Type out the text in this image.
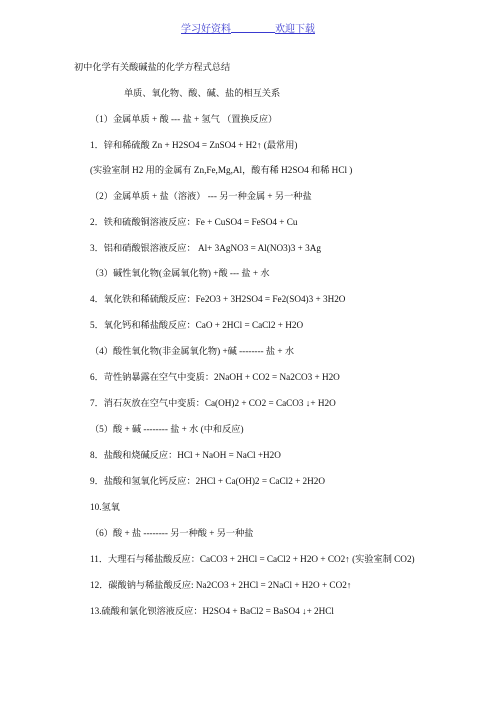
学习好资料	欢迎下载
初中化学有关酸碱盐的化学方程式总结
单质、氧化物、酸、碱、盐的相互关系
（1）金属单质 + 酸 --- 盐 + 氢气 （置换反应）
1．锌和稀硫酸 Zn + H2SO4 = ZnSO4 + H2↑ (最常用)
(实验室制 H2 用的金属有 Zn,Fe,Mg,Al，酸有稀 H2SO4 和稀 HCl )
（2）金属单质 + 盐（溶液） --- 另一种金属 + 另一种盐
2．铁和硫酸铜溶液反应：Fe + CuSO4 = FeSO4 + Cu
3．铝和硝酸银溶液反应： Al+ 3AgNO3 = Al(NO3)3 + 3Ag
（3）碱性氧化物(金属氧化物) +酸 --- 盐 + 水
4．氧化铁和稀硫酸反应：Fe2O3 + 3H2SO4 = Fe2(SO4)3 + 3H2O
5．氧化钙和稀盐酸反应：CaO + 2HCl = CaCl2 + H2O
（4）酸性氧化物(非金属氧化物) +碱 -------- 盐 + 水
6．苛性钠暴露在空气中变质：2NaOH + CO2 = Na2CO3 + H2O
7．消石灰放在空气中变质：Ca(OH)2 + CO2 = CaCO3 ↓+ H2O
（5）酸 + 碱 -------- 盐 + 水 (中和反应)
8．盐酸和烧碱反应：HCl + NaOH = NaCl +H2O
9．盐酸和氢氧化钙反应：2HCl + Ca(OH)2 = CaCl2 + 2H2O
10.氢氧
（6）酸 + 盐 -------- 另一种酸 + 另一种盐
11．大理石与稀盐酸反应：CaCO3 + 2HCl = CaCl2 + H2O + CO2↑ (实验室制 CO2)
12．碳酸钠与稀盐酸反应: Na2CO3 + 2HCl = 2NaCl + H2O + CO2↑
13.硫酸和氯化钡溶液反应：H2SO4 + BaCl2 = BaSO4 ↓+ 2HCl
